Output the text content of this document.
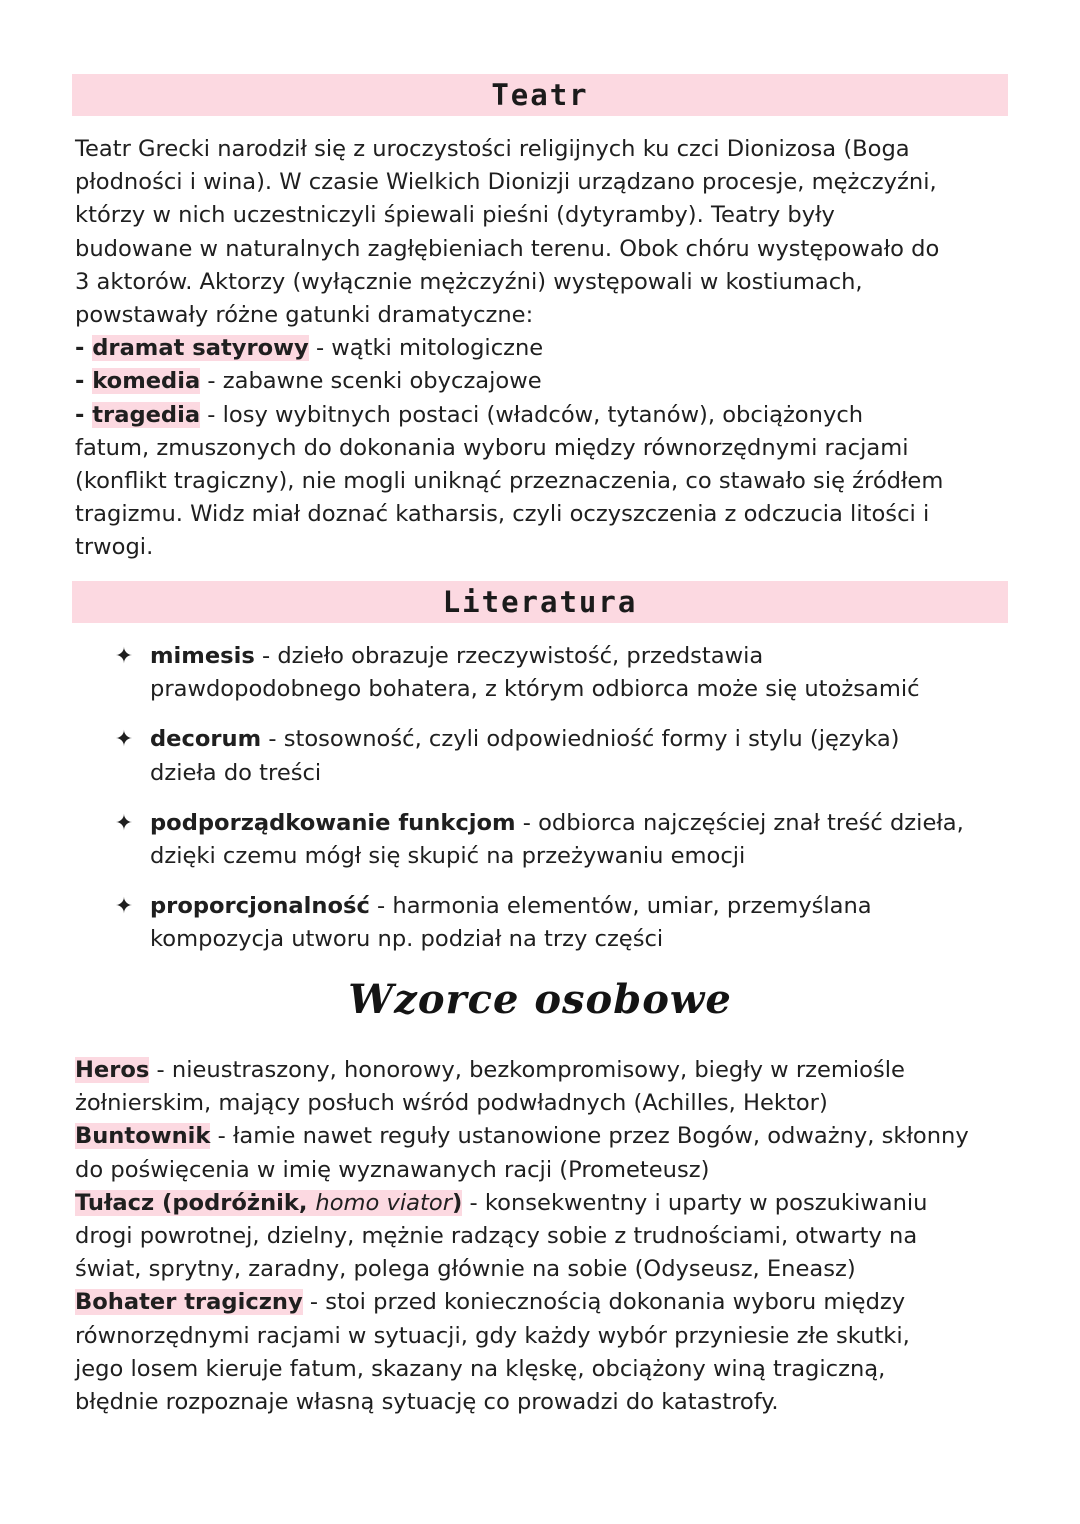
Teatr
Teatr Grecki narodził się z uroczystości religijnych ku czci Dionizosa (Boga
płodności i wina). W czasie Wielkich Dionizji urządzano procesje, mężczyźni,
którzy w nich uczestniczyli śpiewali pieśni (dytyramby). Teatry były
budowane w naturalnych zagłębieniach terenu. Obok chóru występowało do
3 aktorów. Aktorzy (wyłącznie mężczyźni) występowali w kostiumach,
powstawały różne gatunki dramatyczne:
- dramat satyrowy - wątki mitologiczne
- komedia - zabawne scenki obyczajowe
- tragedia - losy wybitnych postaci (władców, tytanów), obciążonych
fatum, zmuszonych do dokonania wyboru między równorzędnymi racjami
(konflikt tragiczny), nie mogli uniknąć przeznaczenia, co stawało się źródłem
tragizmu. Widz miał doznać katharsis, czyli oczyszczenia z odczucia litości i
trwogi.
Literatura
✦ mimesis - dzieło obrazuje rzeczywistość, przedstawia
prawdopodobnego bohatera, z którym odbiorca może się utożsamić
✦ decorum - stosowność, czyli odpowiedniość formy i stylu (języka)
dzieła do treści
✦ podporządkowanie funkcjom - odbiorca najczęściej znał treść dzieła,
dzięki czemu mógł się skupić na przeżywaniu emocji
✦ proporcjonalność - harmonia elementów, umiar, przemyślana
kompozycja utworu np. podział na trzy części
Wzorce osobowe
Heros - nieustraszony, honorowy, bezkompromisowy, biegły w rzemiośle
żołnierskim, mający posłuch wśród podwładnych (Achilles, Hektor)
Buntownik - łamie nawet reguły ustanowione przez Bogów, odważny, skłonny
do poświęcenia w imię wyznawanych racji (Prometeusz)
Tułacz (podróżnik, homo viator) - konsekwentny i uparty w poszukiwaniu
drogi powrotnej, dzielny, mężnie radzący sobie z trudnościami, otwarty na
świat, sprytny, zaradny, polega głównie na sobie (Odyseusz, Eneasz)
Bohater tragiczny - stoi przed koniecznością dokonania wyboru między
równorzędnymi racjami w sytuacji, gdy każdy wybór przyniesie złe skutki,
jego losem kieruje fatum, skazany na klęskę, obciążony winą tragiczną,
błędnie rozpoznaje własną sytuację co prowadzi do katastrofy.
